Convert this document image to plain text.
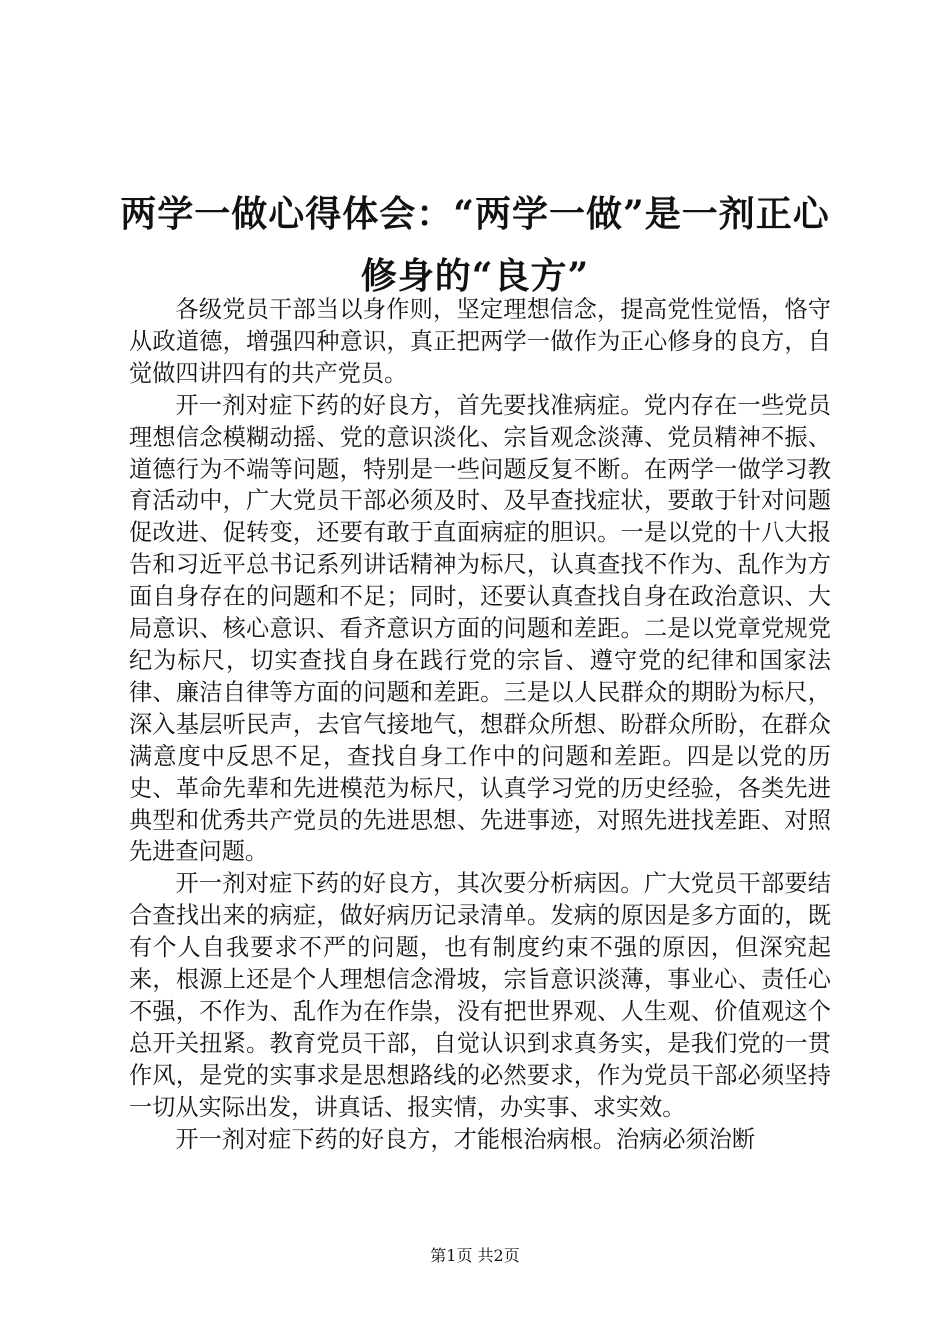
两学一做心得体会：“两学一做”是一剂正心修身的“良方”

各级党员干部当以身作则，坚定理想信念，提高党性觉悟，恪守从政道德，增强四种意识，真正把两学一做作为正心修身的良方，自觉做四讲四有的共产党员。

开一剂对症下药的好良方，首先要找准病症。党内存在一些党员理想信念模糊动摇、党的意识淡化、宗旨观念淡薄、党员精神不振、道德行为不端等问题，特别是一些问题反复不断。在两学一做学习教育活动中，广大党员干部必须及时、及早查找症状，要敢于针对问题促改进、促转变，还要有敢于直面病症的胆识。一是以党的十八大报告和习近平总书记系列讲话精神为标尺，认真查找不作为、乱作为方面自身存在的问题和不足；同时，还要认真查找自身在政治意识、大局意识、核心意识、看齐意识方面的问题和差距。二是以党章党规党纪为标尺，切实查找自身在践行党的宗旨、遵守党的纪律和国家法律、廉洁自律等方面的问题和差距。三是以人民群众的期盼为标尺，深入基层听民声，去官气接地气，想群众所想、盼群众所盼，在群众满意度中反思不足，查找自身工作中的问题和差距。四是以党的历史、革命先辈和先进模范为标尺，认真学习党的历史经验，各类先进典型和优秀共产党员的先进思想、先进事迹，对照先进找差距、对照先进查问题。

开一剂对症下药的好良方，其次要分析病因。广大党员干部要结合查找出来的病症，做好病历记录清单。发病的原因是多方面的，既有个人自我要求不严的问题，也有制度约束不强的原因，但深究起来，根源上还是个人理想信念滑坡，宗旨意识淡薄，事业心、责任心不强，不作为、乱作为在作祟，没有把世界观、人生观、价值观这个总开关扭紧。教育党员干部，自觉认识到求真务实，是我们党的一贯作风，是党的实事求是思想路线的必然要求，作为党员干部必须坚持一切从实际出发，讲真话、报实情，办实事、求实效。

开一剂对症下药的好良方，才能根治病根。治病必须治断

第1页 共2页
